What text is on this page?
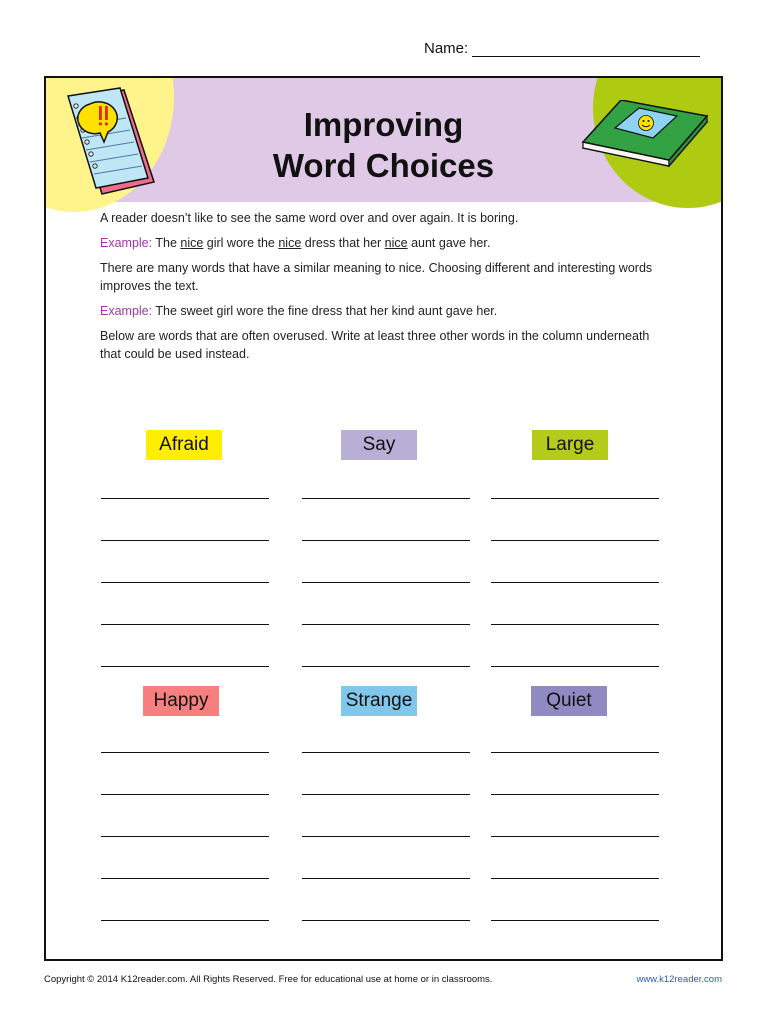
Name:
Improving
Word Choices

A reader doesn’t like to see the same word over and over again. It is boring.

Example: The nice girl wore the nice dress that her nice aunt gave her.

There are many words that have a similar meaning to nice. Choosing different and interesting words improves the text.

Example: The sweet girl wore the fine dress that her kind aunt gave her.

Below are words that are often overused. Write at least three other words in the column underneath that could be used instead.

Afraid	Say	Large
Happy	Strange	Quiet
Copyright © 2014 K12reader.com. All Rights Reserved. Free for educational use at home or in classrooms.	www.k12reader.com
